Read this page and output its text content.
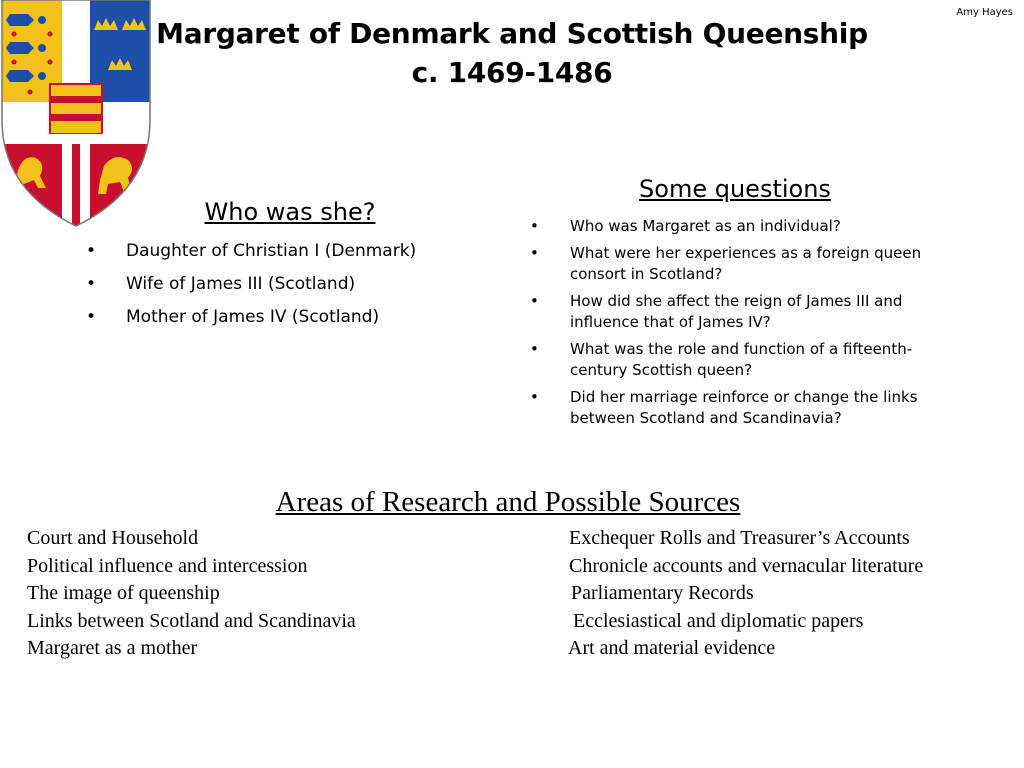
Amy Hayes
Margaret of Denmark and Scottish Queenship
c. 1469-1486
Who was she?
• Daughter of Christian I (Denmark)
• Wife of James III (Scotland)
• Mother of James IV (Scotland)
Some questions
• Who was Margaret as an individual?
• What were her experiences as a foreign queen consort in Scotland?
• How did she affect the reign of James III and influence that of James IV?
• What was the role and function of a fifteenth- century Scottish queen?
• Did her marriage reinforce or change the links between Scotland and Scandinavia?
Areas of Research and Possible Sources
Court and Household	Exchequer Rolls and Treasurer’s Accounts
Political influence and intercession	Chronicle accounts and vernacular literature
The image of queenship	Parliamentary Records
Links between Scotland and Scandinavia	Ecclesiastical and diplomatic papers
Margaret as a mother	Art and material evidence
